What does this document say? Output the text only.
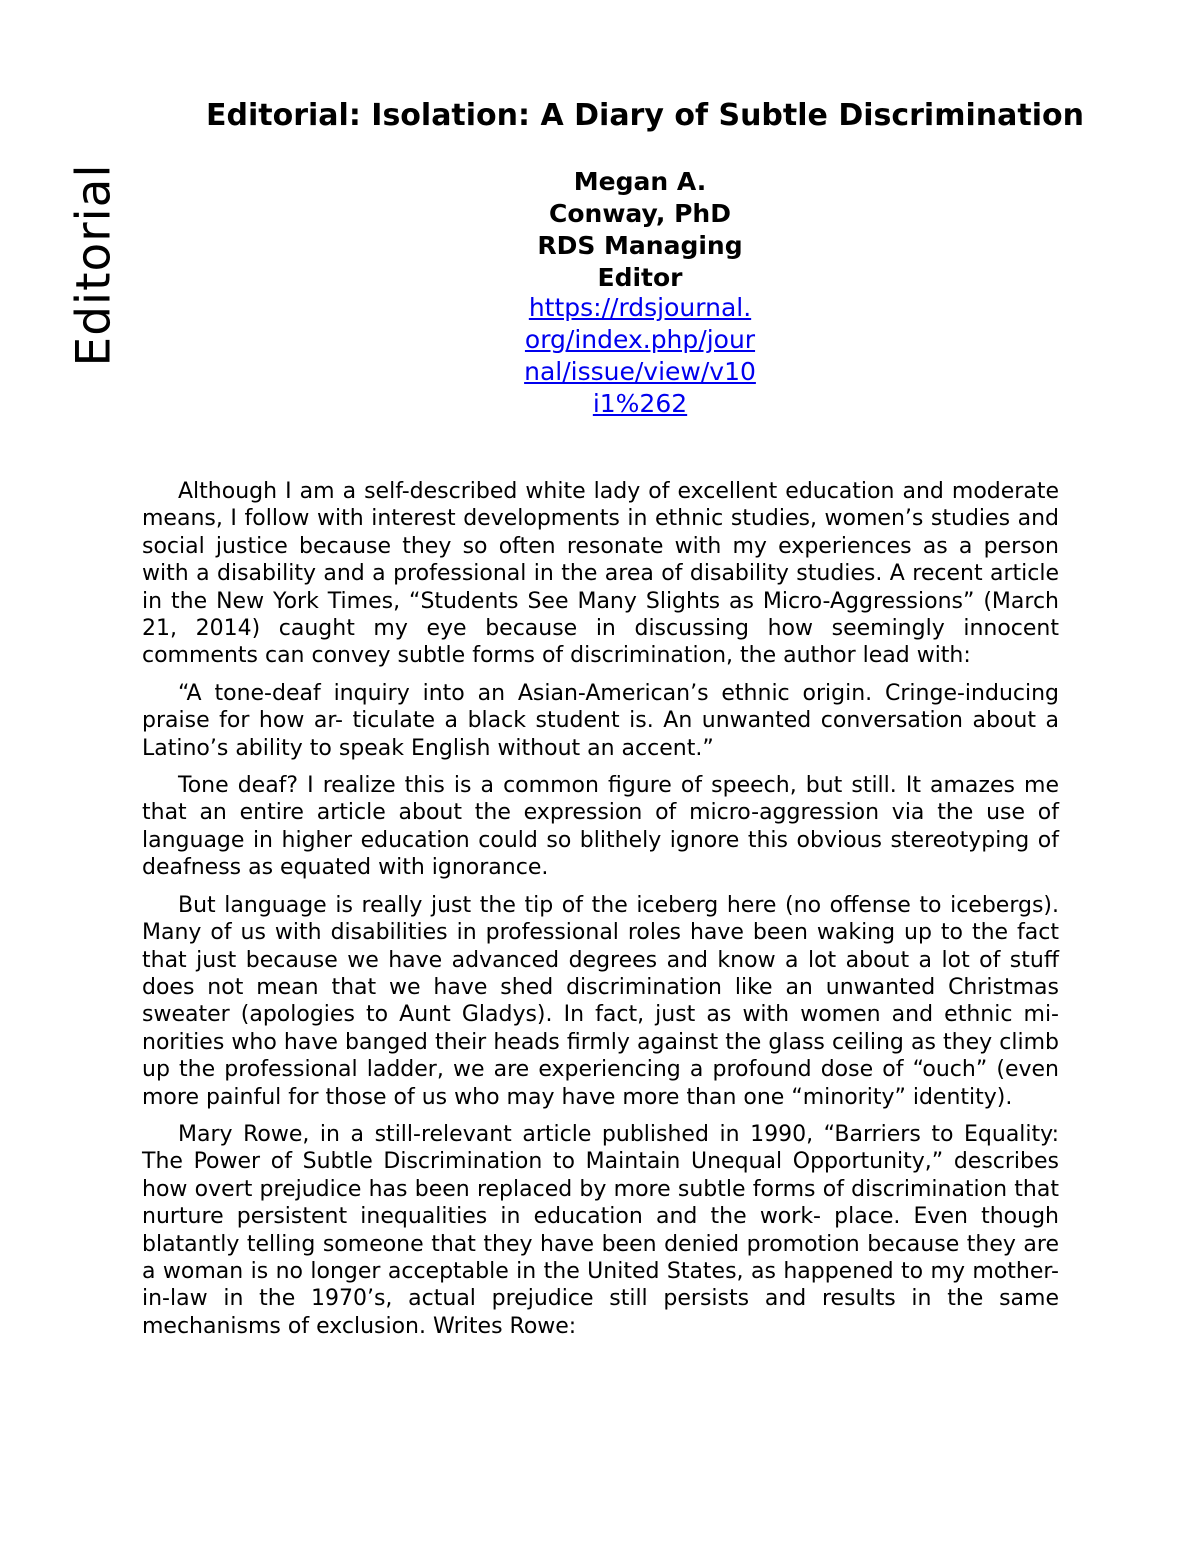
Editorial
Editorial: Isolation: A Diary of Subtle Discrimination
Megan A.
Conway, PhD
RDS Managing
Editor
https://rdsjournal.
org/index.php/jour
nal/issue/view/v10
i1%262

Although I am a self-described white lady of excellent education and moderate means, I follow with interest developments in ethnic studies, women’s studies and social justice because they so often resonate with my experiences as a person with a disability and a professional in the area of disability studies. A recent article in the New York Times, “Students See Many Slights as Micro-Aggressions” (March 21, 2014) caught my eye because in discussing how seemingly innocent comments can convey subtle forms of discrimination, the author lead with:

“A tone-deaf inquiry into an Asian-American’s ethnic origin. Cringe-inducing praise for how ar- ticulate a black student is. An unwanted conversation about a Latino’s ability to speak English without an accent.”

Tone deaf? I realize this is a common figure of speech, but still. It amazes me that an entire article about the expression of micro-aggression via the use of language in higher education could so blithely ignore this obvious stereotyping of deafness as equated with ignorance.

But language is really just the tip of the iceberg here (no offense to icebergs). Many of us with disabilities in professional roles have been waking up to the fact that just because we have advanced degrees and know a lot about a lot of stuff does not mean that we have shed discrimination like an unwanted Christmas sweater (apologies to Aunt Gladys). In fact, just as with women and ethnic mi- norities who have banged their heads firmly against the glass ceiling as they climb up the professional ladder, we are experiencing a profound dose of “ouch” (even more painful for those of us who may have more than one “minority” identity).

Mary Rowe, in a still-relevant article published in 1990, “Barriers to Equality: The Power of Subtle Discrimination to Maintain Unequal Opportunity,” describes how overt prejudice has been replaced by more subtle forms of discrimination that nurture persistent inequalities in education and the work- place. Even though blatantly telling someone that they have been denied promotion because they are a woman is no longer acceptable in the United States, as happened to my mother-in-law in the 1970’s, actual prejudice still persists and results in the same mechanisms of exclusion. Writes Rowe:
